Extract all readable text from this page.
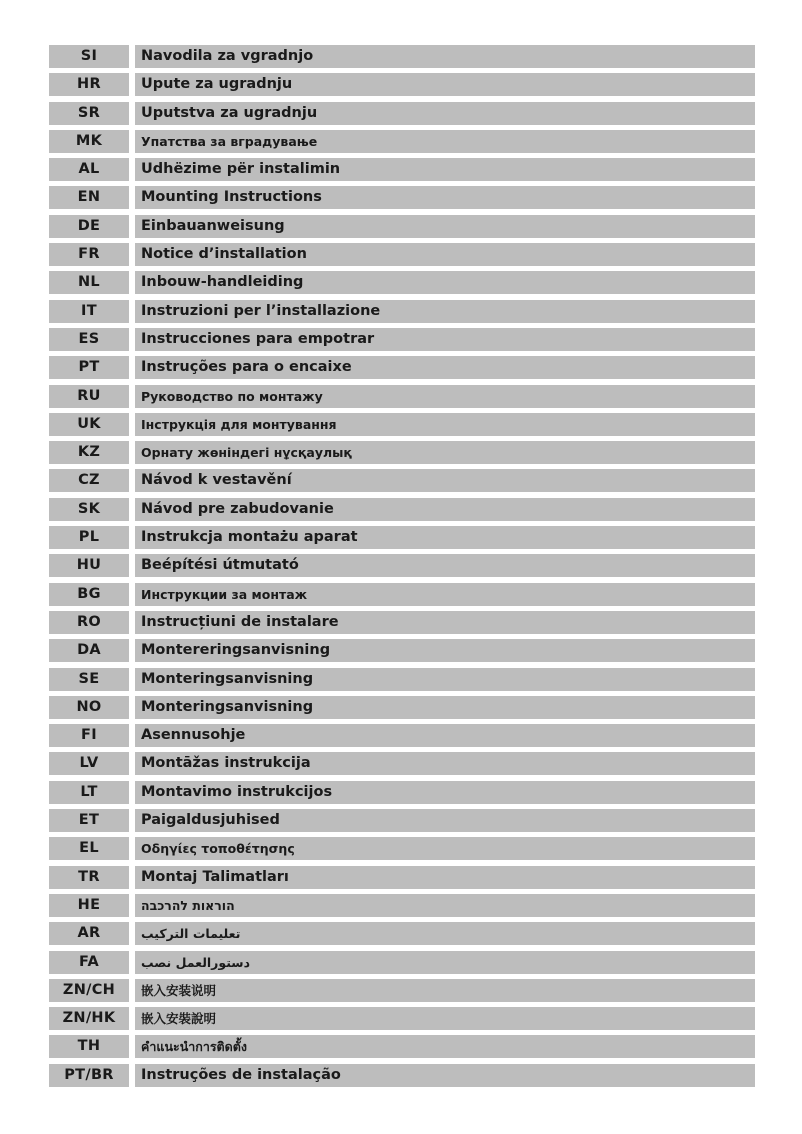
SI	Navodila za vgradnjo
HR	Upute za ugradnju
SR	Uputstva za ugradnju
MK	Упатства за вградување
AL	Udhëzime për instalimin
EN	Mounting Instructions
DE	Einbauanweisung
FR	Notice d’installation
NL	Inbouw-handleiding
IT	Instruzioni per l’installazione
ES	Instrucciones para empotrar
PT	Instruções para o encaixe
RU	Руководство по монтажу
UK	Інструкція для монтування
KZ	Орнату жөніндегі нұсқаулық
CZ	Návod k vestavění
SK	Návod pre zabudovanie
PL	Instrukcja montażu aparat
HU	Beépítési útmutató
BG	Инструкции за монтаж
RO	Instrucțiuni de instalare
DA	Montereringsanvisning
SE	Monteringsanvisning
NO	Monteringsanvisning
FI	Asennusohje
LV	Montāžas instrukcija
LT	Montavimo instrukcijos
ET	Paigaldusjuhised
EL	Οδηγίες τοποθέτησης
TR	Montaj Talimatları
HE	הוראות להרכבה
AR	تعليمات التركيب
FA	دستورالعمل نصب
ZN/CH	嵌入安装说明
ZN/HK	嵌入安裝說明
TH	คำแนะนำการติดตั้ง
PT/BR	Instruções de instalação
